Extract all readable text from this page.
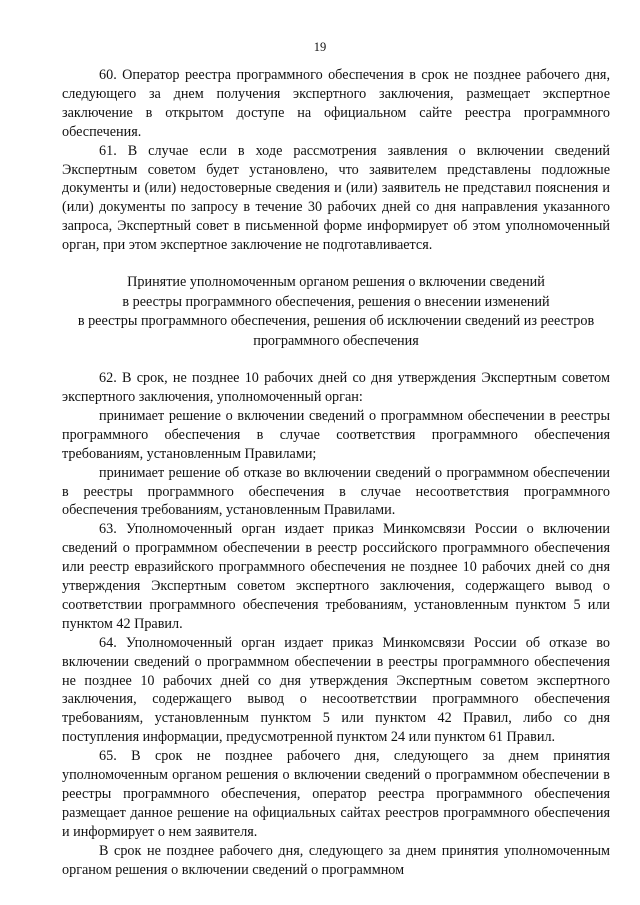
19

60. Оператор реестра программного обеспечения в срок не позднее рабочего дня, следующего за днем получения экспертного заключения, размещает экспертное заключение в открытом доступе на официальном сайте реестра программного обеспечения.

61. В случае если в ходе рассмотрения заявления о включении сведений Экспертным советом будет установлено, что заявителем представлены подложные документы и (или) недостоверные сведения и (или) заявитель не представил пояснения и (или) документы по запросу в течение 30 рабочих дней со дня направления указанного запроса, Экспертный совет в письменной форме информирует об этом уполномоченный орган, при этом экспертное заключение не подготавливается.

Принятие уполномоченным органом решения о включении сведений
в реестры программного обеспечения, решения о внесении изменений
в реестры программного обеспечения, решения об исключении сведений из реестров
программного обеспечения

62. В срок, не позднее 10 рабочих дней со дня утверждения Экспертным советом экспертного заключения, уполномоченный орган:

принимает решение о включении сведений о программном обеспечении в реестры программного обеспечения в случае соответствия программного обеспечения требованиям, установленным Правилами;

принимает решение об отказе во включении сведений о программном обеспечении в реестры программного обеспечения в случае несоответствия программного обеспечения требованиям, установленным Правилами.

63. Уполномоченный орган издает приказ Минкомсвязи России о включении сведений о программном обеспечении в реестр российского программного обеспечения или реестр евразийского программного обеспечения не позднее 10 рабочих дней со дня утверждения Экспертным советом экспертного заключения, содержащего вывод о соответствии программного обеспечения требованиям, установленным пунктом 5 или пунктом 42 Правил.

64. Уполномоченный орган издает приказ Минкомсвязи России об отказе во включении сведений о программном обеспечении в реестры программного обеспечения не позднее 10 рабочих дней со дня утверждения Экспертным советом экспертного заключения, содержащего вывод о несоответствии программного обеспечения требованиям, установленным пунктом 5 или пунктом 42 Правил, либо со дня поступления информации, предусмотренной пунктом 24 или пунктом 61 Правил.

65. В срок не позднее рабочего дня, следующего за днем принятия уполномоченным органом решения о включении сведений о программном обеспечении в реестры программного обеспечения, оператор реестра программного обеспечения размещает данное решение на официальных сайтах реестров программного обеспечения и информирует о нем заявителя.

В срок не позднее рабочего дня, следующего за днем принятия уполномоченным органом решения о включении сведений о программном
